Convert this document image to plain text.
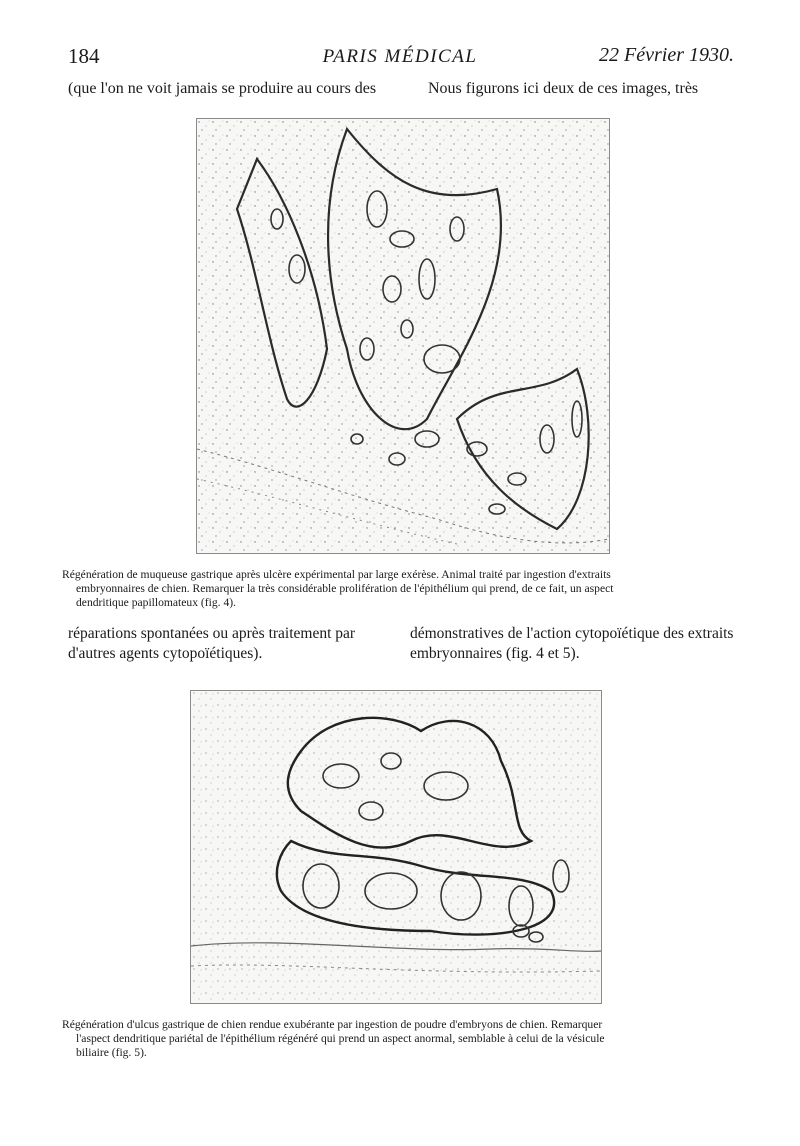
184	PARIS MÉDICAL	22 Février 1930.
(que l'on ne voit jamais se produire au cours des	Nous figurons ici deux de ces images, très
Régénération de muqueuse gastrique après ulcère expérimental par large exérèse. Animal traité par ingestion d'extraits
embryonnaires de chien. Remarquer la très considérable prolifération de l'épithélium qui prend, de ce fait, un aspect
dendritique papillomateux (fig. 4).
réparations spontanées ou après traitement par d'autres agents cytopoïétiques).
démonstratives de l'action cytopoïétique des extraits embryonnaires (fig. 4 et 5).
Régénération d'ulcus gastrique de chien rendue exubérante par ingestion de poudre d'embryons de chien. Remarquer
l'aspect dendritique pariétal de l'épithélium régénéré qui prend un aspect anormal, semblable à celui de la vésicule
biliaire (fig. 5).
